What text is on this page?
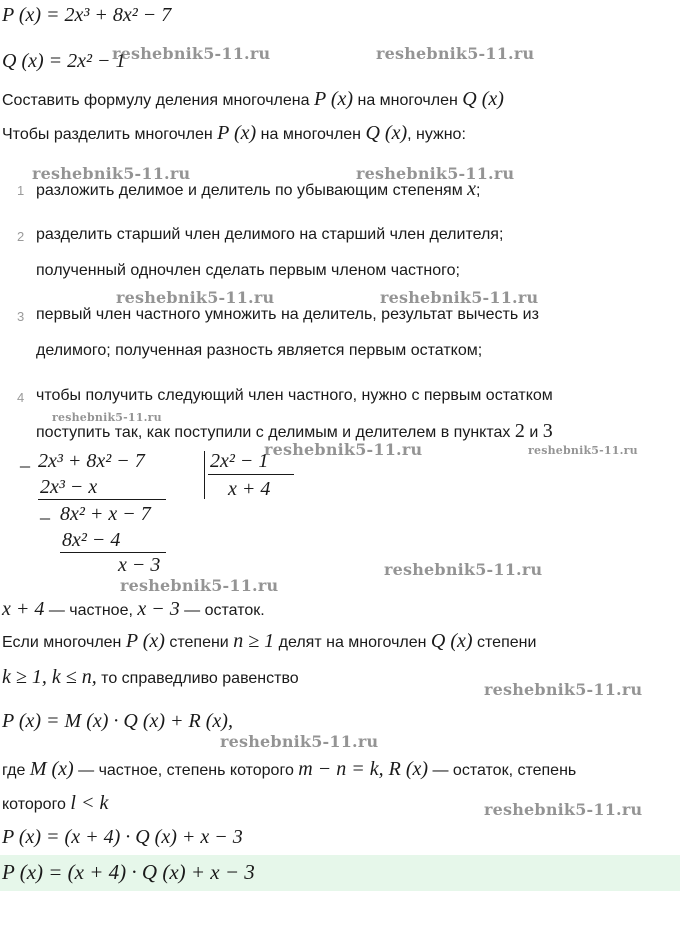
P (x) = 2x³ + 8x² − 7
Q (x) = 2x² − 1
Составить формулу деления многочлена P (x) на многочлен Q (x)
Чтобы разделить многочлен P (x) на многочлен Q (x), нужно:
1 разложить делимое и делитель по убывающим степеням x;
2 разделить старший член делимого на старший член делителя;
полученный одночлен сделать первым членом частного;
3 первый член частного умножить на делитель, результат вычесть из
делимого; полученная разность является первым остатком;
4 чтобы получить следующий член частного, нужно с первым остатком
поступить так, как поступили с делимым и делителем в пунктах 2 и 3
_ 2x³ + 8x² − 7
2x³ − x
_ 8x² + x − 7
8x² − 4
x − 3
2x² − 1
x + 4
x + 4 — частное, x − 3 — остаток.
Если многочлен P (x) степени n ≥ 1 делят на многочлен Q (x) степени
k ≥ 1, k ≤ n, то справедливо равенство
P (x) = M (x) · Q (x) + R (x),
где M (x) — частное, степень которого m − n = k, R (x) — остаток, степень
которого l < k
P (x) = (x + 4) · Q (x) + x − 3
P (x) = (x + 4) · Q (x) + x − 3
reshebnik5-11.ru	reshebnik5-11.ru
reshebnik5-11.ru	reshebnik5-11.ru
reshebnik5-11.ru	reshebnik5-11.ru
reshebnik5-11.ru
reshebnik5-11.ru	reshebnik5-11.ru
reshebnik5-11.ru
reshebnik5-11.ru
reshebnik5-11.ru
reshebnik5-11.ru
reshebnik5-11.ru
